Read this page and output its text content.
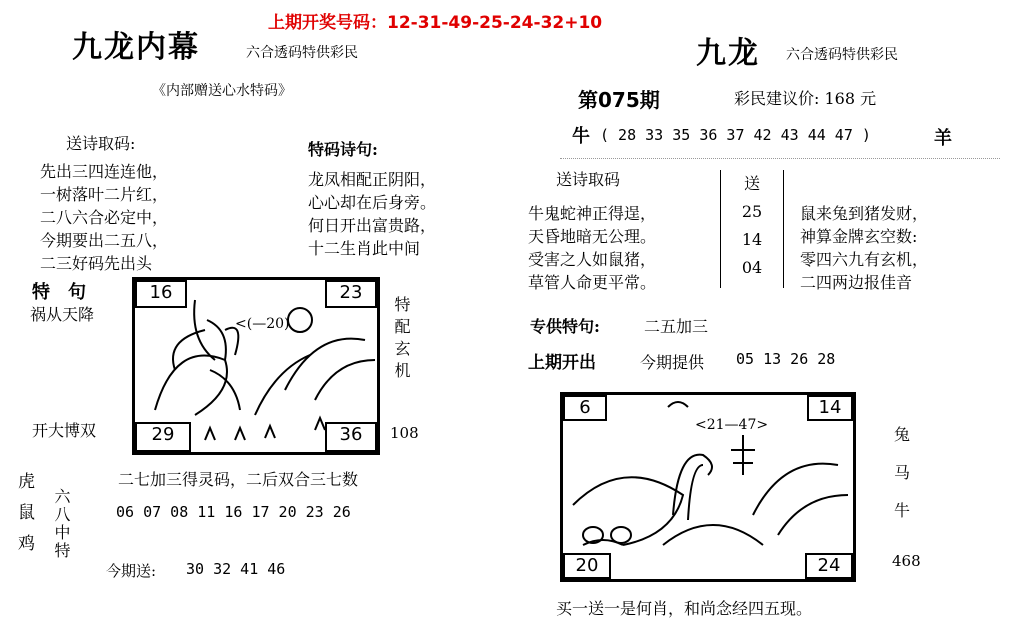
上期开奖号码：12-31-49-25-24-32+10
九龙内幕	六合透码特供彩民
《内部赠送心水特码》
送诗取码:
先出三四连连他，
一树落叶二片红，
二八六合必定中，
今期要出二五八，
二三好码先出头
特码诗句:
龙凤相配正阴阳，
心心却在后身旁。
何日开出富贵路，
十二生肖此中间
特　句
祸从天降
开大博双
<(—20)
16	23
29	36
特配玄机
108
二七加三得灵码，二后双合三七数
06 07 08 11 16 17 20 23 26
今期送: 30 32 41 46
虎鼠鸡 六八中特
九龙 六合透码特供彩民
第075期	彩民建议价: 168 元
牛 ( 28 33 35 36 37 42 43 44 47 )	羊
送诗取码
牛鬼蛇神正得逞，
天昏地暗无公理。
受害之人如鼠猪，
草管人命更平常。
送
25
14
04
鼠来兔到猪发财，
神算金牌玄空数:
零四六九有玄机，
二四两边报佳音
专供特句:	二五加三
上期开出	今期提供 05 13 26 28
<21—47>
6	14
20	24
兔
马
牛
468
买一送一是何肖，和尚念经四五现。
